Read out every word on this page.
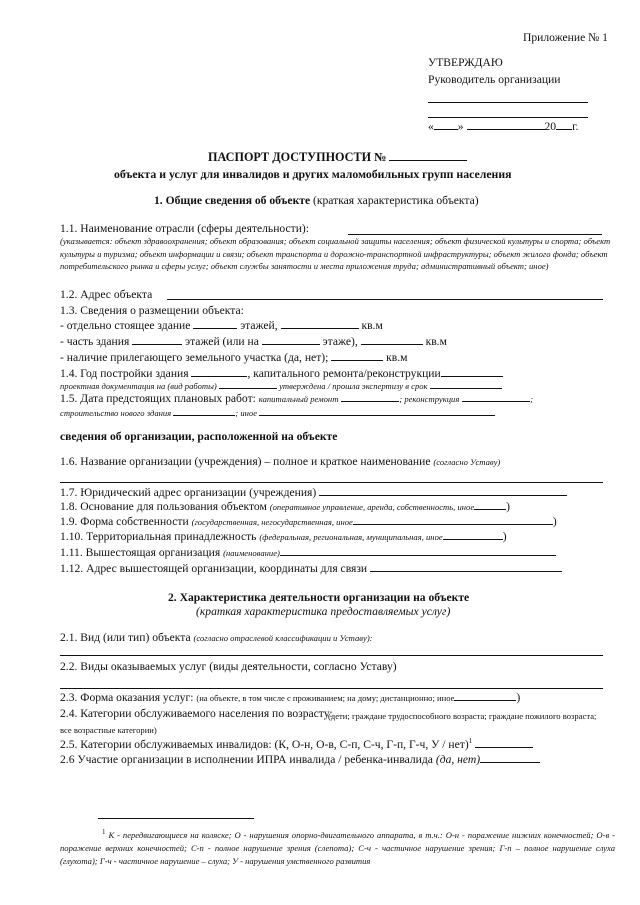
Приложение № 1
УТВЕРЖДАЮ
Руководитель организации
« »	20 г.
ПАСПОРТ ДОСТУПНОСТИ №
объекта и услуг для инвалидов и других маломобильных групп населения
1. Общие сведения об объекте (краткая характеристика объекта)
1.1. Наименование отрасли (сферы деятельности):
(указывается: объект здравоохранения; объект образования; объект социальной защиты населения; объект физической культуры и спорта; объект культуры и туризма; объект информации и связи; объект транспорта и дорожно-транспортной инфраструктуры; объект жилого фонда; объект потребительского рынка и сферы услуг; объект службы занятости и места приложения труда; административный объект; иное)
1.2. Адрес объекта
1.3. Сведения о размещении объекта:
- отдельно стоящее здание	этажей,	кв.м
- часть здания	этажей (или на	этаже),	кв.м
- наличие прилегающего земельного участка (да, нет);	кв.м
1.4. Год постройки здания	, капитального ремонта/реконструкции
проектная документация на (вид работы)	утверждена / прошла экспертизу в срок
1.5. Дата предстоящих плановых работ: капитальный ремонт	; реконструкция	;
строительство нового здания	; иное
сведения об организации, расположенной на объекте
1.6. Название организации (учреждения) – полное и краткое наименование (согласно Уставу)
1.7. Юридический адрес организации (учреждения)
1.8. Основание для пользования объектом (оперативное управление, аренда, собственность, иное	)
1.9. Форма собственности (государственная, негосударственная, иное	)
1.10. Территориальная принадлежность (федеральная, региональная, муниципальная, иное	)
1.11. Вышестоящая организация (наименование)
1.12. Адрес вышестоящей организации, координаты для связи
2. Характеристика деятельности организации на объекте
(краткая характеристика предоставляемых услуг)
2.1. Вид (или тип) объекта (согласно отраслевой классификации и Уставу):
2.2. Виды оказываемых услуг (виды деятельности, согласно Уставу)
2.3. Форма оказания услуг: (на объекте, в том числе с проживанием; на дому; дистанционно; иное	)
2.4. Категории обслуживаемого населения по возрасту:
(дети; граждане трудоспособного возраста; граждане пожилого возраста; все возрастные категории)
2.5. Категории обслуживаемых инвалидов: (К, О-н, О-в, С-п, С-ч, Г-п, Г-ч, У / нет)$^1$
2.6 Участие организации в исполнении ИПРА инвалида / ребенка-инвалида (да, нет)
$^1$ К - передвигающиеся на коляске; О - нарушения опорно-двигательного аппарата, в т.ч.: О-н - поражение нижних конечностей; О-в - поражение верхних конечностей; С-п - полное нарушение зрения (слепота); С-ч - частичное нарушение зрения; Г-п – полное нарушение слуха (глухота); Г-ч - частичное нарушение – слуха; У - нарушения умственного развития
